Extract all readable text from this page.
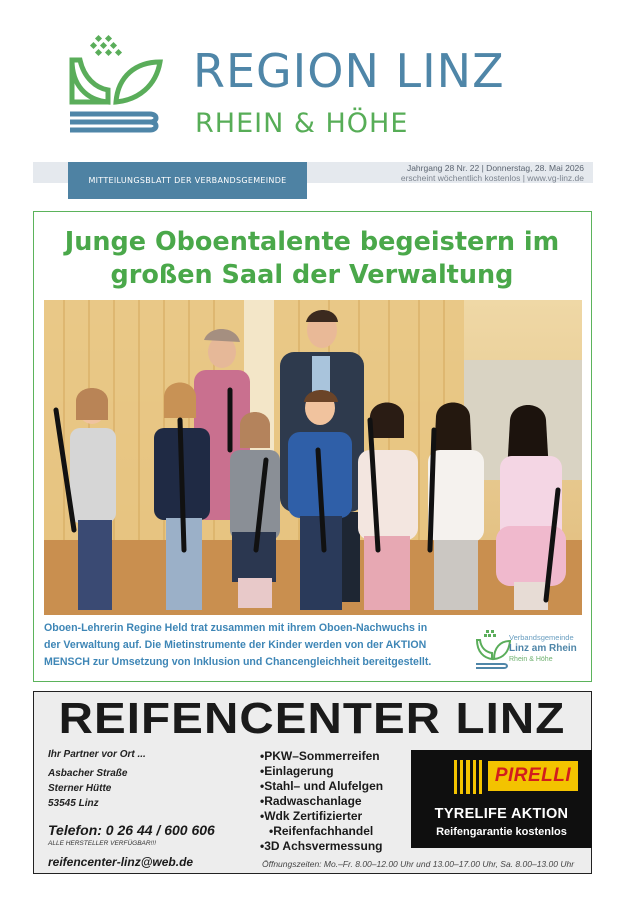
REGION LINZ
RHEIN & HÖHE
MITTEILUNGSBLATT DER VERBANDSGEMEINDE
Jahrgang 28 Nr. 22 | Donnerstag, 28. Mai 2026
erscheint wöchentlich kostenlos | www.vg-linz.de
Junge Oboentalente begeistern im
großen Saal der Verwaltung
Oboen-Lehrerin Regine Held trat zusammen mit ihrem Oboen-Nachwuchs in
der Verwaltung auf. Die Mietinstrumente der Kinder werden von der AKTION
MENSCH zur Umsetzung von Inklusion und Chancengleichheit bereitgestellt.
Verbandsgemeinde
Linz am Rhein
Rhein & Höhe
REIFENCENTER LINZ
Ihr Partner vor Ort ...
Asbacher Straße
Sterner Hütte
53545 Linz
Telefon: 0 26 44 / 600 606
ALLE HERSTELLER VERFÜGBAR!!!
reifencenter-linz@web.de
• PKW–Sommerreifen
• Einlagerung
• Stahl– und Alufelgen
• Radwaschanlage
• Wdk Zertifizierter
• Reifenfachhandel
• 3D Achsvermessung
Öffnungszeiten: Mo.–Fr. 8.00–12.00 Uhr und 13.00–17.00 Uhr, Sa. 8.00–13.00 Uhr
PIRELLI
TYRELIFE AKTION
Reifengarantie kostenlos
